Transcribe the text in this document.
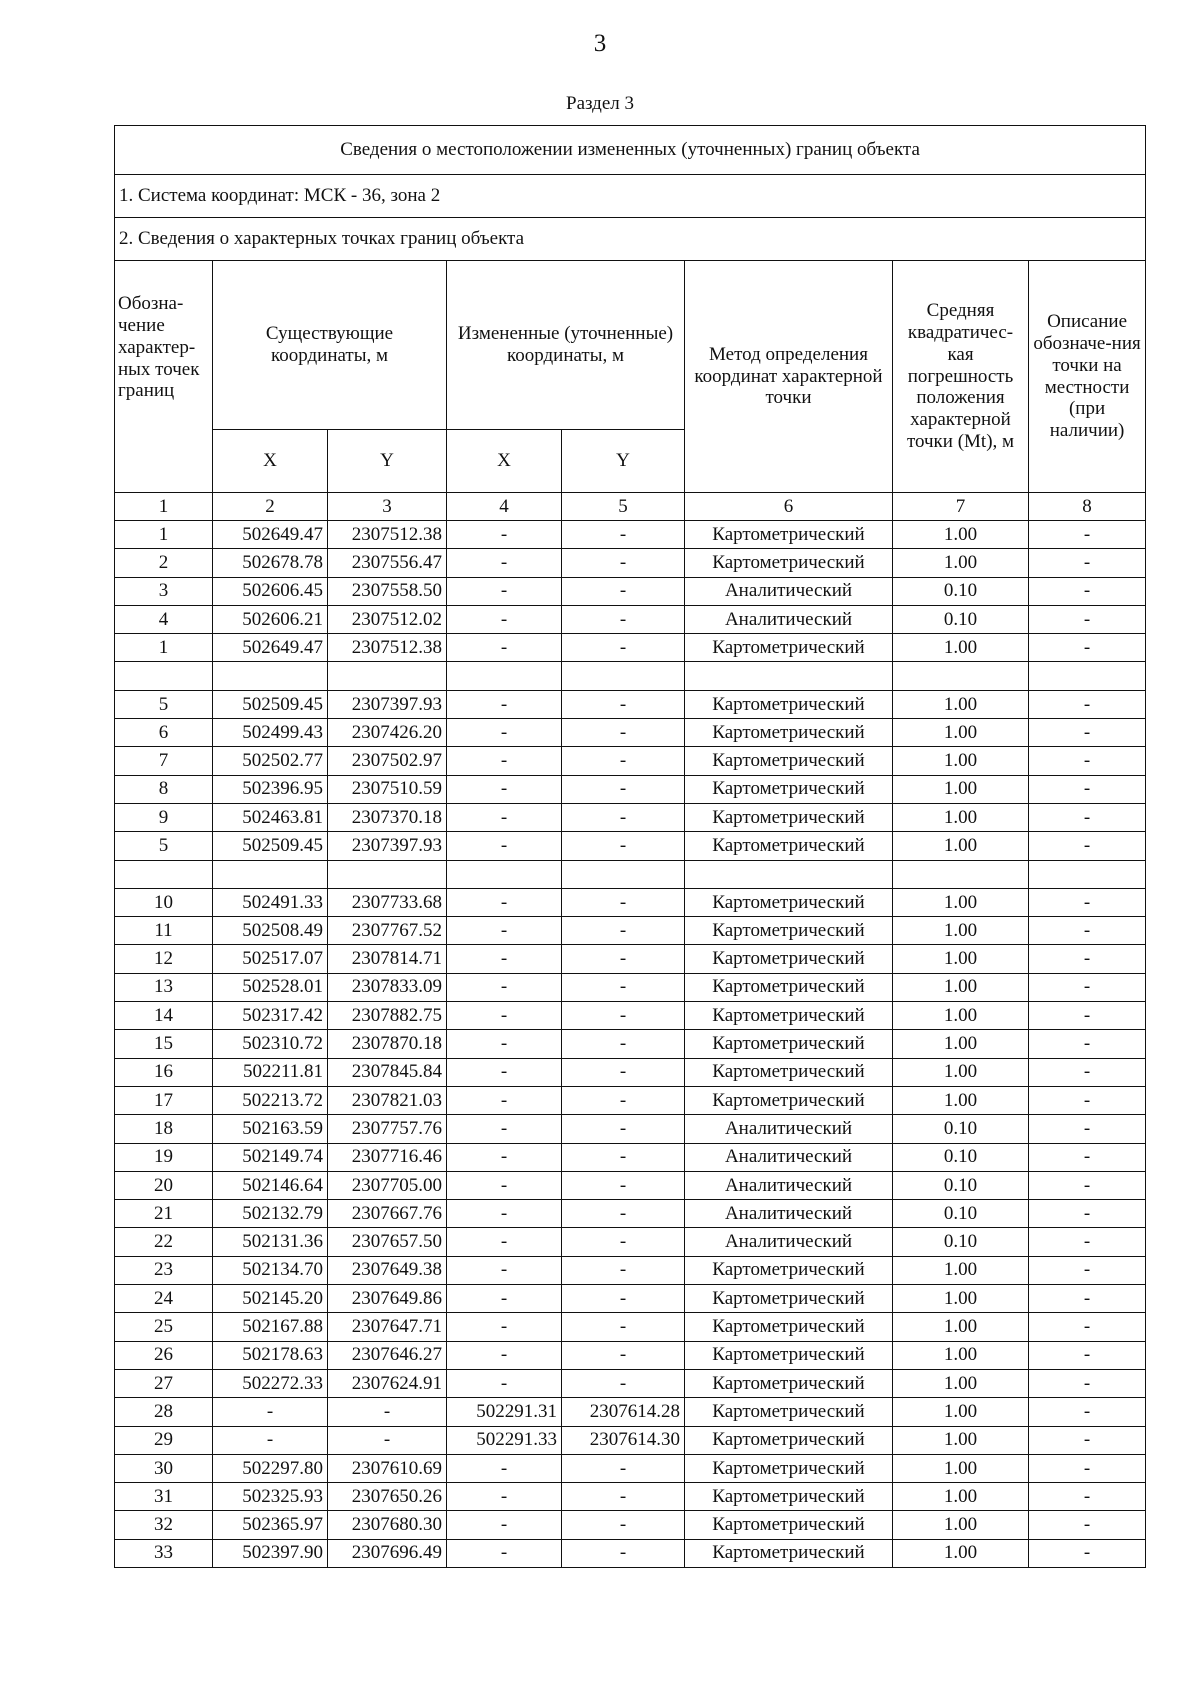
3
Раздел 3
Сведения о местоположении измененных (уточненных) границ объекта							
1. Система координат: МСК - 36, зона 2							
2. Сведения о характерных точках границ объекта							
Обозна-чение характер-ных точек границ	Существующие координаты, м		Измененные (уточненные) координаты, м		Метод определения координат характерной точки	Средняя квадратичес-кая погрешность положения характерной точки (Mt), м	Описание обозначе-ния точки на местности (при наличии)
	X	Y	X	Y			
1	2	3	4	5	6	7	8
1	502649.47	2307512.38	-	-	Картометрический	1.00	-
2	502678.78	2307556.47	-	-	Картометрический	1.00	-
3	502606.45	2307558.50	-	-	Аналитический	0.10	-
4	502606.21	2307512.02	-	-	Аналитический	0.10	-
1	502649.47	2307512.38	-	-	Картометрический	1.00	-

5	502509.45	2307397.93	-	-	Картометрический	1.00	-
6	502499.43	2307426.20	-	-	Картометрический	1.00	-
7	502502.77	2307502.97	-	-	Картометрический	1.00	-
8	502396.95	2307510.59	-	-	Картометрический	1.00	-
9	502463.81	2307370.18	-	-	Картометрический	1.00	-
5	502509.45	2307397.93	-	-	Картометрический	1.00	-

10	502491.33	2307733.68	-	-	Картометрический	1.00	-
11	502508.49	2307767.52	-	-	Картометрический	1.00	-
12	502517.07	2307814.71	-	-	Картометрический	1.00	-
13	502528.01	2307833.09	-	-	Картометрический	1.00	-
14	502317.42	2307882.75	-	-	Картометрический	1.00	-
15	502310.72	2307870.18	-	-	Картометрический	1.00	-
16	502211.81	2307845.84	-	-	Картометрический	1.00	-
17	502213.72	2307821.03	-	-	Картометрический	1.00	-
18	502163.59	2307757.76	-	-	Аналитический	0.10	-
19	502149.74	2307716.46	-	-	Аналитический	0.10	-
20	502146.64	2307705.00	-	-	Аналитический	0.10	-
21	502132.79	2307667.76	-	-	Аналитический	0.10	-
22	502131.36	2307657.50	-	-	Аналитический	0.10	-
23	502134.70	2307649.38	-	-	Картометрический	1.00	-
24	502145.20	2307649.86	-	-	Картометрический	1.00	-
25	502167.88	2307647.71	-	-	Картометрический	1.00	-
26	502178.63	2307646.27	-	-	Картометрический	1.00	-
27	502272.33	2307624.91	-	-	Картометрический	1.00	-
28	-	-	502291.31	2307614.28	Картометрический	1.00	-
29	-	-	502291.33	2307614.30	Картометрический	1.00	-
30	502297.80	2307610.69	-	-	Картометрический	1.00	-
31	502325.93	2307650.26	-	-	Картометрический	1.00	-
32	502365.97	2307680.30	-	-	Картометрический	1.00	-
33	502397.90	2307696.49	-	-	Картометрический	1.00	-
